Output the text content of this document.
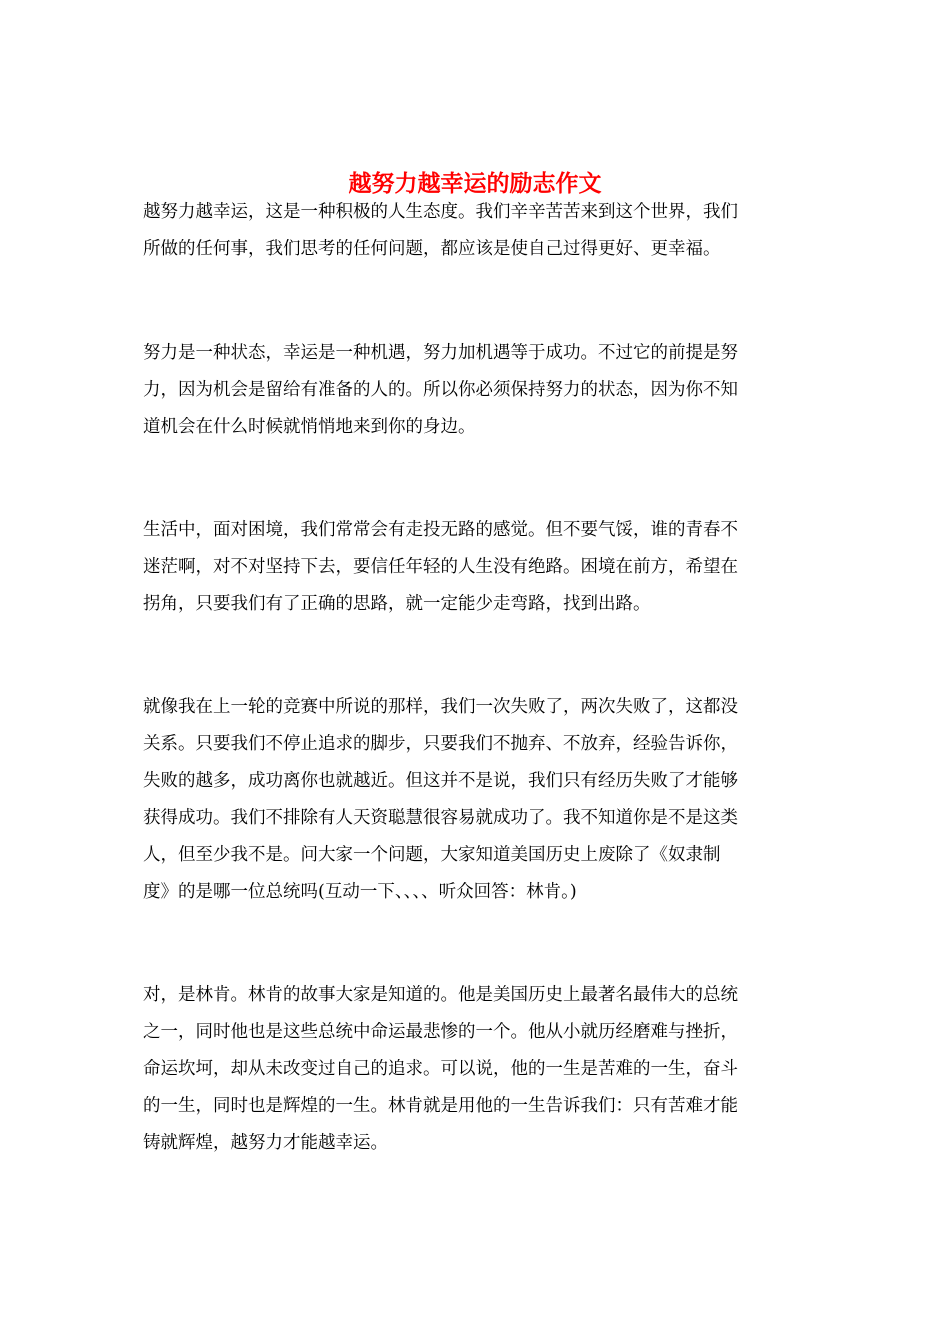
越努力越幸运的励志作文
越努力越幸运，这是一种积极的人生态度。我们辛辛苦苦来到这个世界，我们
所做的任何事，我们思考的任何问题，都应该是使自己过得更好、更幸福。
努力是一种状态，幸运是一种机遇，努力加机遇等于成功。不过它的前提是努
力，因为机会是留给有准备的人的。所以你必须保持努力的状态，因为你不知
道机会在什么时候就悄悄地来到你的身边。
生活中，面对困境，我们常常会有走投无路的感觉。但不要气馁，谁的青春不
迷茫啊，对不对坚持下去，要信任年轻的人生没有绝路。困境在前方，希望在
拐角，只要我们有了正确的思路，就一定能少走弯路，找到出路。
就像我在上一轮的竞赛中所说的那样，我们一次失败了，两次失败了，这都没
关系。只要我们不停止追求的脚步，只要我们不抛弃、不放弃，经验告诉你，
失败的越多，成功离你也就越近。但这并不是说，我们只有经历失败了才能够
获得成功。我们不排除有人天资聪慧很容易就成功了。我不知道你是不是这类
人，但至少我不是。问大家一个问题，大家知道美国历史上废除了《奴隶制
度》的是哪一位总统吗(互动一下、、、、听众回答：林肯。)
对，是林肯。林肯的故事大家是知道的。他是美国历史上最著名最伟大的总统
之一，同时他也是这些总统中命运最悲惨的一个。他从小就历经磨难与挫折，
命运坎坷，却从未改变过自己的追求。可以说，他的一生是苦难的一生，奋斗
的一生，同时也是辉煌的一生。林肯就是用他的一生告诉我们：只有苦难才能
铸就辉煌，越努力才能越幸运。
